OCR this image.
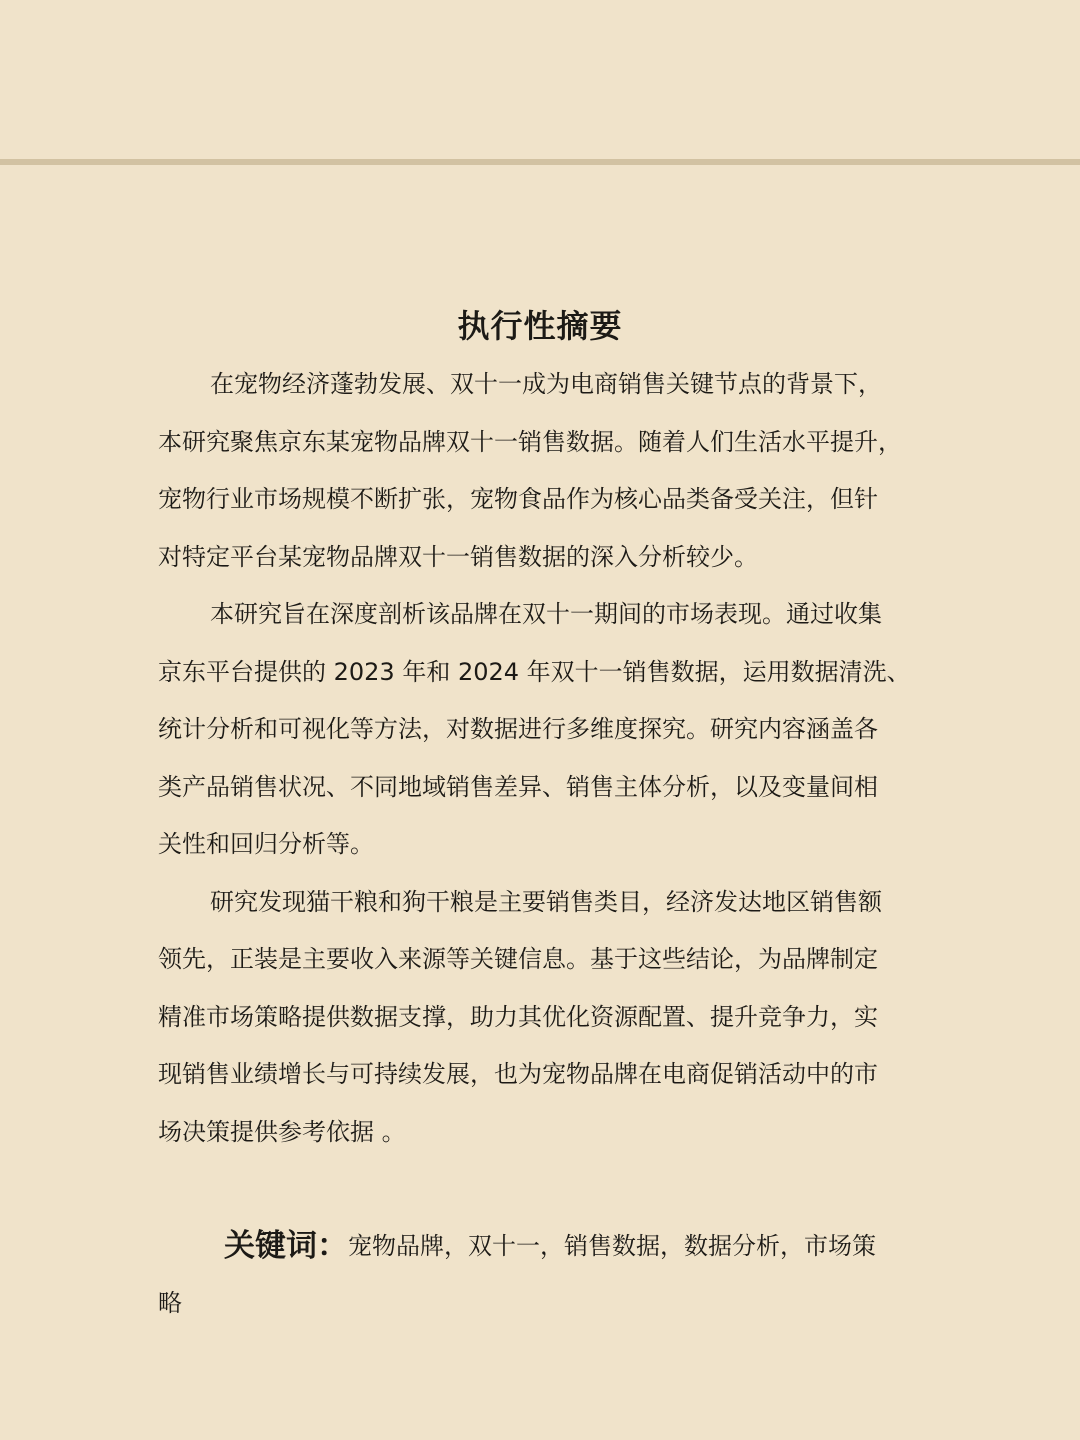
执行性摘要
在宠物经济蓬勃发展、双十一成为电商销售关键节点的背景下，
本研究聚焦京东某宠物品牌双十一销售数据。随着人们生活水平提升，
宠物行业市场规模不断扩张，宠物食品作为核心品类备受关注，但针
对特定平台某宠物品牌双十一销售数据的深入分析较少。
本研究旨在深度剖析该品牌在双十一期间的市场表现。通过收集
京东平台提供的 2023 年和 2024 年双十一销售数据，运用数据清洗、
统计分析和可视化等方法，对数据进行多维度探究。研究内容涵盖各
类产品销售状况、不同地域销售差异、销售主体分析，以及变量间相
关性和回归分析等。
研究发现猫干粮和狗干粮是主要销售类目，经济发达地区销售额
领先，正装是主要收入来源等关键信息。基于这些结论，为品牌制定
精准市场策略提供数据支撑，助力其优化资源配置、提升竞争力，实
现销售业绩增长与可持续发展，也为宠物品牌在电商促销活动中的市
场决策提供参考依据 。
关键词：宠物品牌，双十一，销售数据，数据分析，市场策
略
